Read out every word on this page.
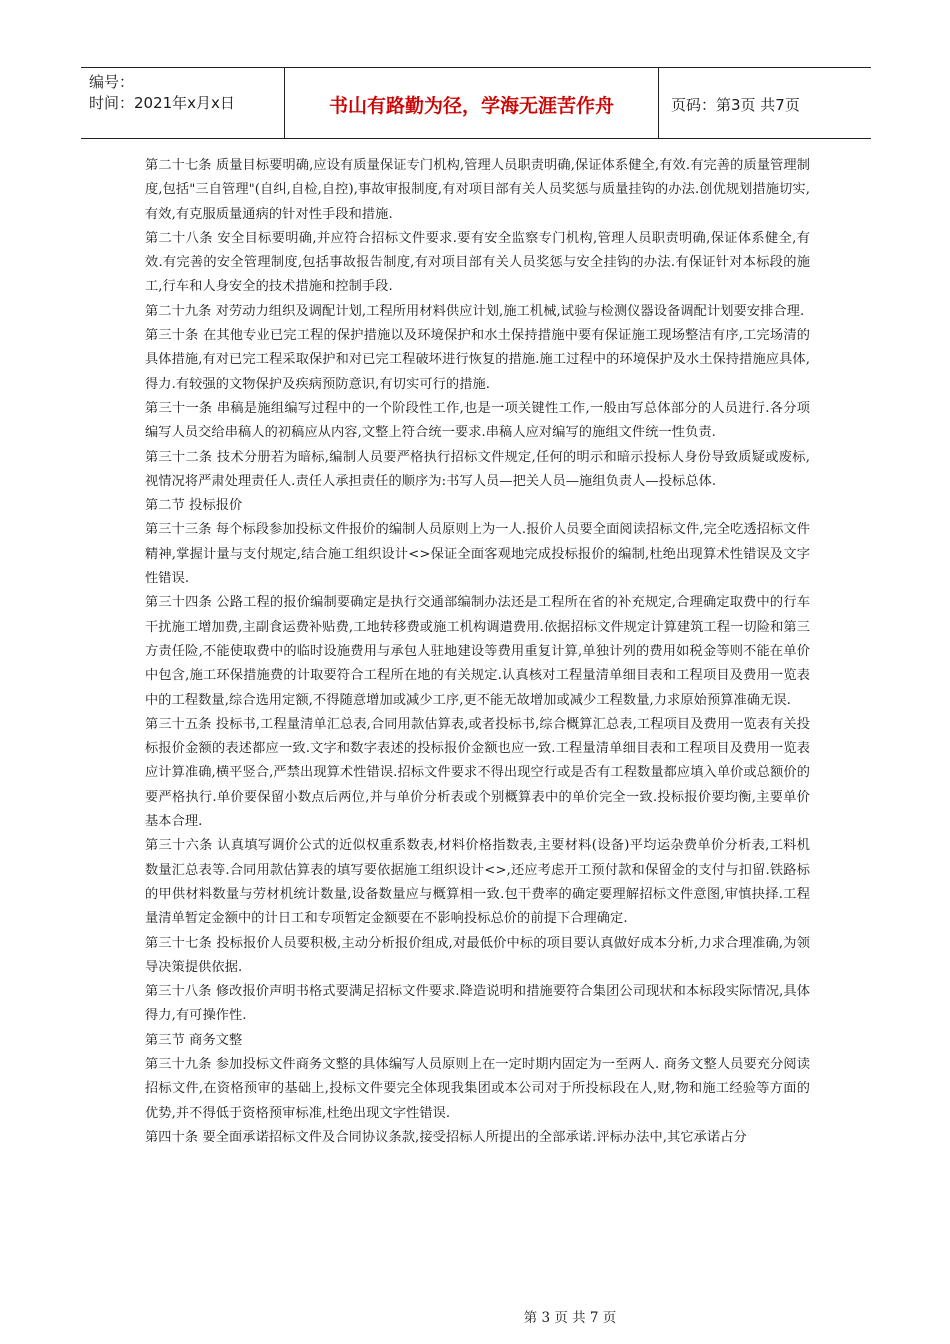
编号：
时间：2021年x月x日	书山有路勤为径，学海无涯苦作舟	页码：第3页 共7页

第二十七条 质量目标要明确,应设有质量保证专门机构,管理人员职责明确,保证体系健全,有效.有完善的质量管理制度,包括"三自管理"(自纠,自检,自控),事故审报制度,有对项目部有关人员奖惩与质量挂钩的办法.创优规划措施切实,有效,有克服质量通病的针对性手段和措施.

第二十八条 安全目标要明确,并应符合招标文件要求.要有安全监察专门机构,管理人员职责明确,保证体系健全,有效.有完善的安全管理制度,包括事故报告制度,有对项目部有关人员奖惩与安全挂钩的办法.有保证针对本标段的施工,行车和人身安全的技术措施和控制手段.

第二十九条 对劳动力组织及调配计划,工程所用材料供应计划,施工机械,试验与检测仪器设备调配计划要安排合理.

第三十条 在其他专业已完工程的保护措施以及环境保护和水土保持措施中要有保证施工现场整洁有序,工完场清的具体措施,有对已完工程采取保护和对已完工程破坏进行恢复的措施.施工过程中的环境保护及水土保持措施应具体,得力.有较强的文物保护及疾病预防意识,有切实可行的措施.

第三十一条 串稿是施组编写过程中的一个阶段性工作,也是一项关键性工作,一般由写总体部分的人员进行.各分项编写人员交给串稿人的初稿应从内容,文整上符合统一要求.串稿人应对编写的施组文件统一性负责.

第三十二条 技术分册若为暗标,编制人员要严格执行招标文件规定,任何的明示和暗示投标人身份导致质疑或废标,视情况将严肃处理责任人.责任人承担责任的顺序为:书写人员—把关人员—施组负责人—投标总体.

第二节 投标报价

第三十三条 每个标段参加投标文件报价的编制人员原则上为一人.报价人员要全面阅读招标文件,完全吃透招标文件精神,掌握计量与支付规定,结合施工组织设计<>保证全面客观地完成投标报价的编制,杜绝出现算术性错误及文字性错误.

第三十四条 公路工程的报价编制要确定是执行交通部编制办法还是工程所在省的补充规定,合理确定取费中的行车干扰施工增加费,主副食运费补贴费,工地转移费或施工机构调遣费用.依据招标文件规定计算建筑工程一切险和第三方责任险,不能使取费中的临时设施费用与承包人驻地建设等费用重复计算,单独计列的费用如税金等则不能在单价中包含,施工环保措施费的计取要符合工程所在地的有关规定.认真核对工程量清单细目表和工程项目及费用一览表中的工程数量,综合选用定额,不得随意增加或减少工序,更不能无故增加或减少工程数量,力求原始预算准确无误.

第三十五条 投标书,工程量清单汇总表,合同用款估算表,或者投标书,综合概算汇总表,工程项目及费用一览表有关投标报价金额的表述都应一致.文字和数字表述的投标报价金额也应一致.工程量清单细目表和工程项目及费用一览表应计算准确,横平竖合,严禁出现算术性错误.招标文件要求不得出现空行或是否有工程数量都应填入单价或总额价的要严格执行.单价要保留小数点后两位,并与单价分析表或个别概算表中的单价完全一致.投标报价要均衡,主要单价基本合理.

第三十六条 认真填写调价公式的近似权重系数表,材料价格指数表,主要材料(设备)平均运杂费单价分析表,工料机数量汇总表等.合同用款估算表的填写要依据施工组织设计<>,还应考虑开工预付款和保留金的支付与扣留.铁路标的甲供材料数量与劳材机统计数量,设备数量应与概算相一致.包干费率的确定要理解招标文件意图,审慎抉择.工程量清单暂定金额中的计日工和专项暂定金额要在不影响投标总价的前提下合理确定.

第三十七条 投标报价人员要积极,主动分析报价组成,对最低价中标的项目要认真做好成本分析,力求合理准确,为领导决策提供依据.

第三十八条 修改报价声明书格式要满足招标文件要求.降造说明和措施要符合集团公司现状和本标段实际情况,具体得力,有可操作性.

第三节 商务文整

第三十九条 参加投标文件商务文整的具体编写人员原则上在一定时期内固定为一至两人. 商务文整人员要充分阅读招标文件,在资格预审的基础上,投标文件要完全体现我集团或本公司对于所投标段在人,财,物和施工经验等方面的优势,并不得低于资格预审标准,杜绝出现文字性错误.

第四十条 要全面承诺招标文件及合同协议条款,接受招标人所提出的全部承诺.评标办法中,其它承诺占分

第 3 页 共 7 页
